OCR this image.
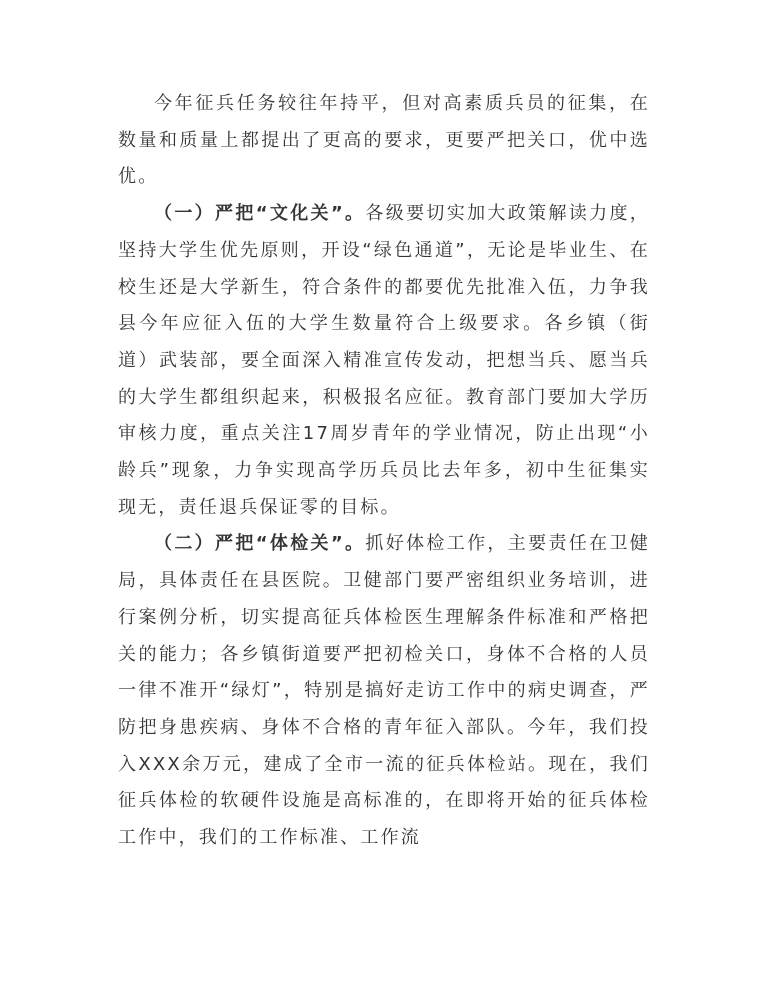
今年征兵任务较往年持平，但对高素质兵员的征集，在数量和质量上都提出了更高的要求，更要严把关口，优中选优。

（一）严把“文化关”。各级要切实加大政策解读力度，坚持大学生优先原则，开设“绿色通道”，无论是毕业生、在校生还是大学新生，符合条件的都要优先批准入伍，力争我县今年应征入伍的大学生数量符合上级要求。各乡镇（街道）武装部，要全面深入精准宣传发动，把想当兵、愿当兵的大学生都组织起来，积极报名应征。教育部门要加大学历审核力度，重点关注17周岁青年的学业情况，防止出现“小龄兵”现象，力争实现高学历兵员比去年多，初中生征集实现无，责任退兵保证零的目标。

（二）严把“体检关”。抓好体检工作，主要责任在卫健局，具体责任在县医院。卫健部门要严密组织业务培训，进行案例分析，切实提高征兵体检医生理解条件标准和严格把关的能力；各乡镇街道要严把初检关口，身体不合格的人员一律不准开“绿灯”，特别是搞好走访工作中的病史调查，严防把身患疾病、身体不合格的青年征入部队。今年，我们投入XXX余万元，建成了全市一流的征兵体检站。现在，我们征兵体检的软硬件设施是高标准的，在即将开始的征兵体检工作中，我们的工作标准、工作流
